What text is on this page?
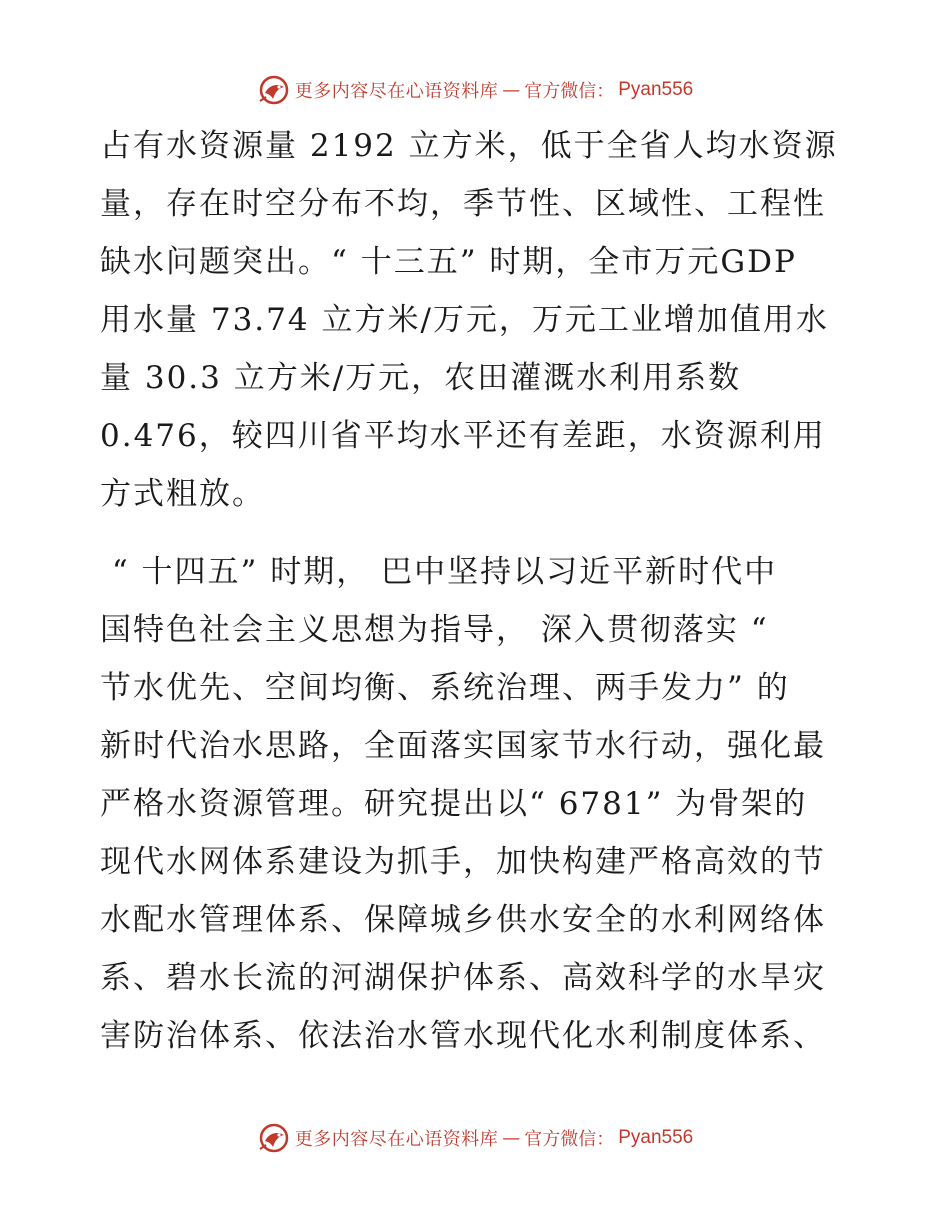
更多内容尽在心语资料库 — 官方微信： Pyan556
占有水资源量 2192 立方米，低于全省人均水资源
量，存在时空分布不均，季节性、区域性、工程性
缺水问题突出。“ 十三五” 时期，全市万元GDP
用水量 73.74 立方米/万元，万元工业增加值用水
量 30.3 立方米/万元，农田灌溉水利用系数
0.476，较四川省平均水平还有差距，水资源利用
方式粗放。
“ 十四五” 时期， 巴中坚持以习近平新时代中
国特色社会主义思想为指导， 深入贯彻落实 “
节水优先、空间均衡、系统治理、两手发力” 的
新时代治水思路，全面落实国家节水行动，强化最
严格水资源管理。研究提出以“ 6781” 为骨架的
现代水网体系建设为抓手，加快构建严格高效的节
水配水管理体系、保障城乡供水安全的水利网络体
系、碧水长流的河湖保护体系、高效科学的水旱灾
害防治体系、依法治水管水现代化水利制度体系、
更多内容尽在心语资料库 — 官方微信： Pyan556
